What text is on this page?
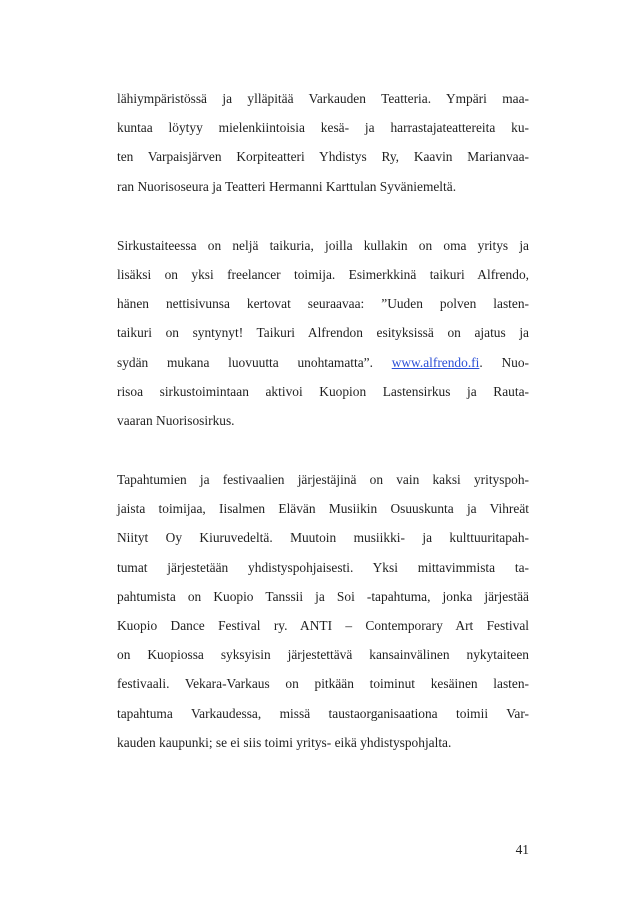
lähiympäristössä ja ylläpitää Varkauden Teatteria. Ympäri maa-
kuntaa löytyy mielenkiintoisia kesä- ja harrastajateattereita ku-
ten Varpaisjärven Korpiteatteri Yhdistys Ry, Kaavin Marianvaa-
ran Nuorisoseura ja Teatteri Hermanni Karttulan Syväniemeltä.
Sirkustaiteessa on neljä taikuria, joilla kullakin on oma yritys ja
lisäksi on yksi freelancer toimija. Esimerkkinä taikuri Alfrendo,
hänen nettisivunsa kertovat seuraavaa: ”Uuden polven lasten-
taikuri on syntynyt! Taikuri Alfrendon esityksissä on ajatus ja
sydän mukana luovuutta unohtamatta”. www.alfrendo.fi. Nuo-
risoa sirkustoimintaan aktivoi Kuopion Lastensirkus ja Rauta-
vaaran Nuorisosirkus.
Tapahtumien ja festivaalien järjestäjinä on vain kaksi yrityspoh-
jaista toimijaa, Iisalmen Elävän Musiikin Osuuskunta ja Vihreät
Niityt Oy Kiuruvedeltä. Muutoin musiikki- ja kulttuuritapah-
tumat järjestetään yhdistyspohjaisesti. Yksi mittavimmista ta-
pahtumista on Kuopio Tanssii ja Soi -tapahtuma, jonka järjestää
Kuopio Dance Festival ry. ANTI – Contemporary Art Festival
on Kuopiossa syksyisin järjestettävä kansainvälinen nykytaiteen
festivaali. Vekara-Varkaus on pitkään toiminut kesäinen lasten-
tapahtuma Varkaudessa, missä taustaorganisaationa toimii Var-
kauden kaupunki; se ei siis toimi yritys- eikä yhdistyspohjalta.
41
